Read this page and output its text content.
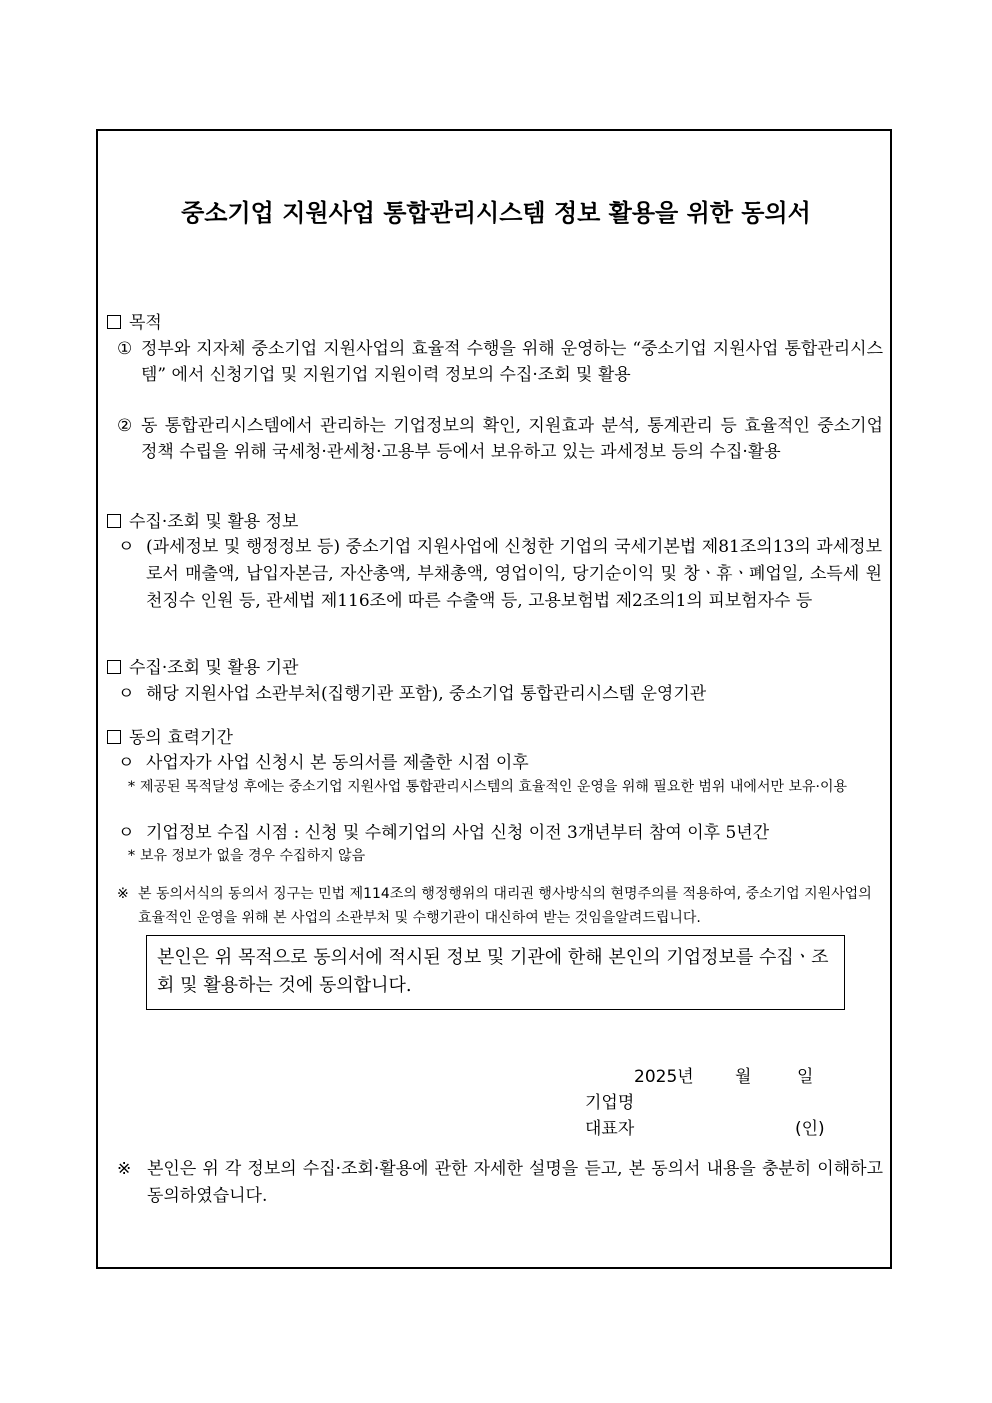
중소기업 지원사업 통합관리시스템 정보 활용을 위한 동의서
목적
① 정부와 지자체 중소기업 지원사업의 효율적 수행을 위해 운영하는 “중소기업 지원사업 통합관리시스템” 에서 신청기업 및 지원기업 지원이력 정보의 수집·조회 및 활용
② 동 통합관리시스템에서 관리하는 기업정보의 확인, 지원효과 분석, 통계관리 등 효율적인 중소기업 정책 수립을 위해 국세청·관세청·고용부 등에서 보유하고 있는 과세정보 등의 수집·활용
수집·조회 및 활용 정보
ㅇ (과세정보 및 행정정보 등) 중소기업 지원사업에 신청한 기업의 국세기본법 제81조의13의 과세정보로서 매출액, 납입자본금, 자산총액, 부채총액, 영업이익, 당기순이익 및 창ㆍ휴ㆍ폐업일, 소득세 원천징수 인원 등, 관세법 제116조에 따른 수출액 등, 고용보험법 제2조의1의 피보험자수 등
수집·조회 및 활용 기관
ㅇ 해당 지원사업 소관부처(집행기관 포함), 중소기업 통합관리시스템 운영기관
동의 효력기간
ㅇ 사업자가 사업 신청시 본 동의서를 제출한 시점 이후
* 제공된 목적달성 후에는 중소기업 지원사업 통합관리시스템의 효율적인 운영을 위해 필요한 범위 내에서만 보유·이용
ㅇ 기업정보 수집 시점 : 신청 및 수혜기업의 사업 신청 이전 3개년부터 참여 이후 5년간
* 보유 정보가 없을 경우 수집하지 않음
※ 본 동의서식의 동의서 징구는 민법 제114조의 행정행위의 대리권 행사방식의 현명주의를 적용하여, 중소기업 지원사업의 효율적인 운영을 위해 본 사업의 소관부처 및 수행기관이 대신하여 받는 것임을알려드립니다.
본인은 위 목적으로 동의서에 적시된 정보 및 기관에 한해 본인의 기업정보를 수집ㆍ조회 및 활용하는 것에 동의합니다.
2025년 월	일
기업명
대표자	(인)
※ 본인은 위 각 정보의 수집·조회·활용에 관한 자세한 설명을 듣고, 본 동의서 내용을 충분히 이해하고 동의하였습니다.
